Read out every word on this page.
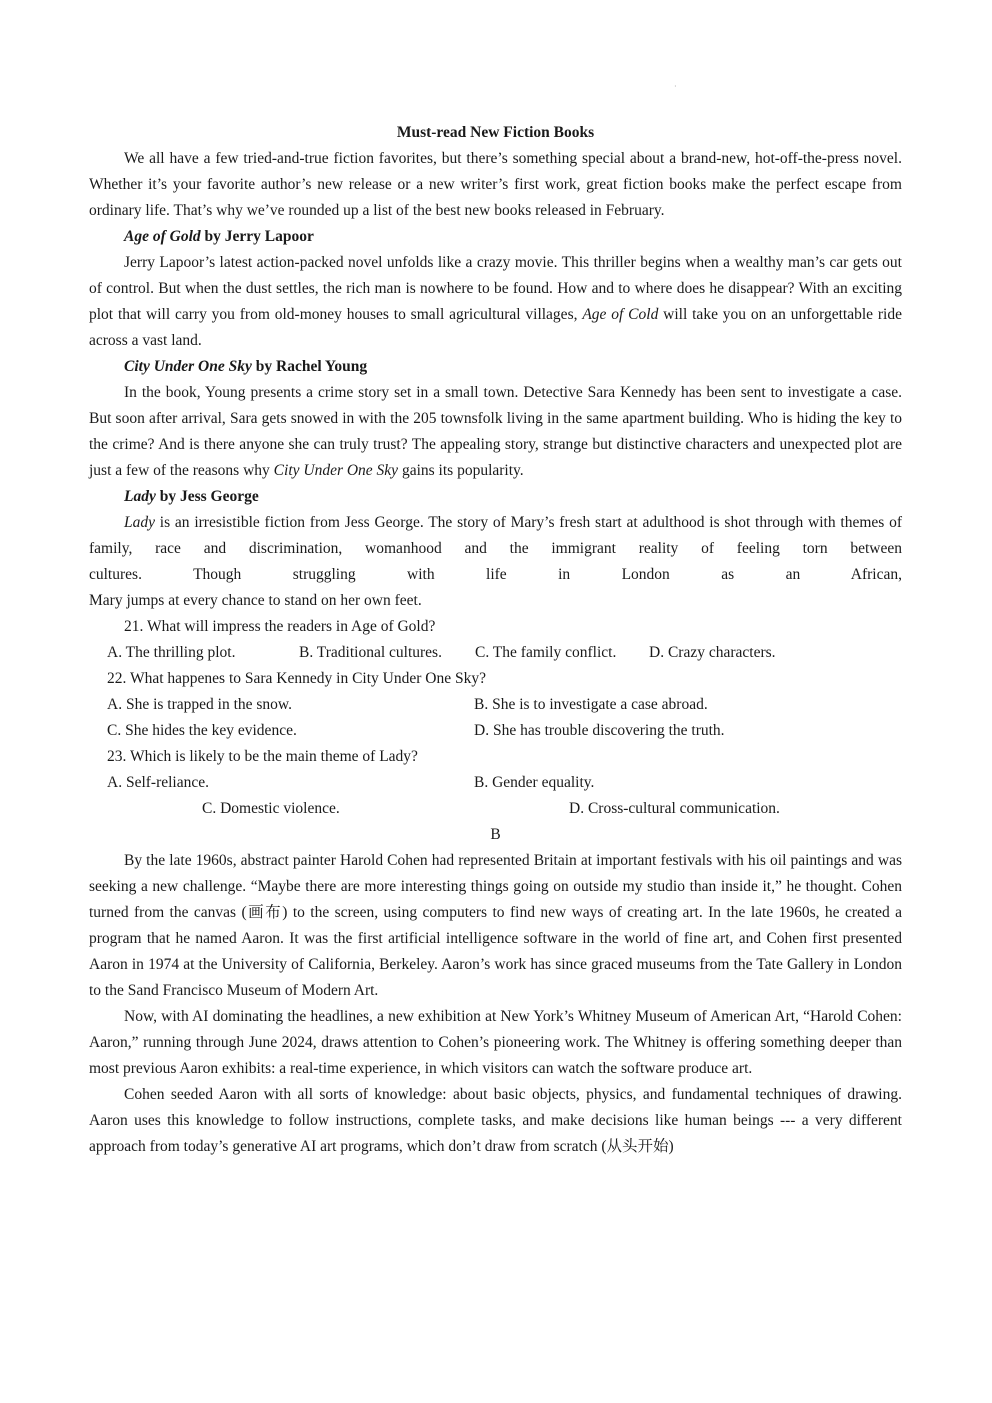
·

Must-read New Fiction Books

We all have a few tried-and-true fiction favorites, but there’s something special about a brand-new, hot-off-the-press novel. Whether it’s your favorite author’s new release or a new writer’s first work, great fiction books make the perfect escape from ordinary life. That’s why we’ve rounded up a list of the best new books released in February.

Age of Gold by Jerry Lapoor

Jerry Lapoor’s latest action-packed novel unfolds like a crazy movie. This thriller begins when a wealthy man’s car gets out of control. But when the dust settles, the rich man is nowhere to be found. How and to where does he disappear? With an exciting plot that will carry you from old-money houses to small agricultural villages, Age of Cold will take you on an unforgettable ride across a vast land.

City Under One Sky by Rachel Young

In the book, Young presents a crime story set in a small town. Detective Sara Kennedy has been sent to investigate a case. But soon after arrival, Sara gets snowed in with the 205 townsfolk living in the same apartment building. Who is hiding the key to the crime? And is there anyone she can truly trust? The appealing story, strange but distinctive characters and unexpected plot are just a few of the reasons why City Under One Sky gains its popularity.

Lady by Jess George

Lady is an irresistible fiction from Jess George. The story of Mary’s fresh start at adulthood is shot through with themes of family, race and discrimination, womanhood and the immigrant reality of feeling torn between

cultures. Though struggling with life in London as an African,

Mary jumps at every chance to stand on her own feet.

21. What will impress the readers in Age of Gold?

A. The thrilling plot.	B. Traditional cultures.	C. The family conflict.	D. Crazy characters.

22. What happenes to Sara Kennedy in City Under One Sky?

A. She is trapped in the snow.	B. She is to investigate a case abroad.
C. She hides the key evidence.	D. She has trouble discovering the truth.

23. Which is likely to be the main theme of Lady?

A. Self-reliance.	B. Gender equality.
C. Domestic violence.	D. Cross-cultural communication.

B

By the late 1960s, abstract painter Harold Cohen had represented Britain at important festivals with his oil paintings and was seeking a new challenge. “Maybe there are more interesting things going on outside my studio than inside it,” he thought. Cohen turned from the canvas (画布) to the screen, using computers to find new ways of creating art. In the late 1960s, he created a program that he named Aaron. It was the first artificial intelligence software in the world of fine art, and Cohen first presented Aaron in 1974 at the University of California, Berkeley. Aaron’s work has since graced museums from the Tate Gallery in London to the Sand Francisco Museum of Modern Art.

Now, with AI dominating the headlines, a new exhibition at New York’s Whitney Museum of American Art, “Harold Cohen: Aaron,” running through June 2024, draws attention to Cohen’s pioneering work. The Whitney is offering something deeper than most previous Aaron exhibits: a real-time experience, in which visitors can watch the software produce art.

Cohen seeded Aaron with all sorts of knowledge: about basic objects, physics, and fundamental techniques of drawing. Aaron uses this knowledge to follow instructions, complete tasks, and make decisions like human beings --- a very different approach from today’s generative AI art programs, which don’t draw from scratch (从头开始)
